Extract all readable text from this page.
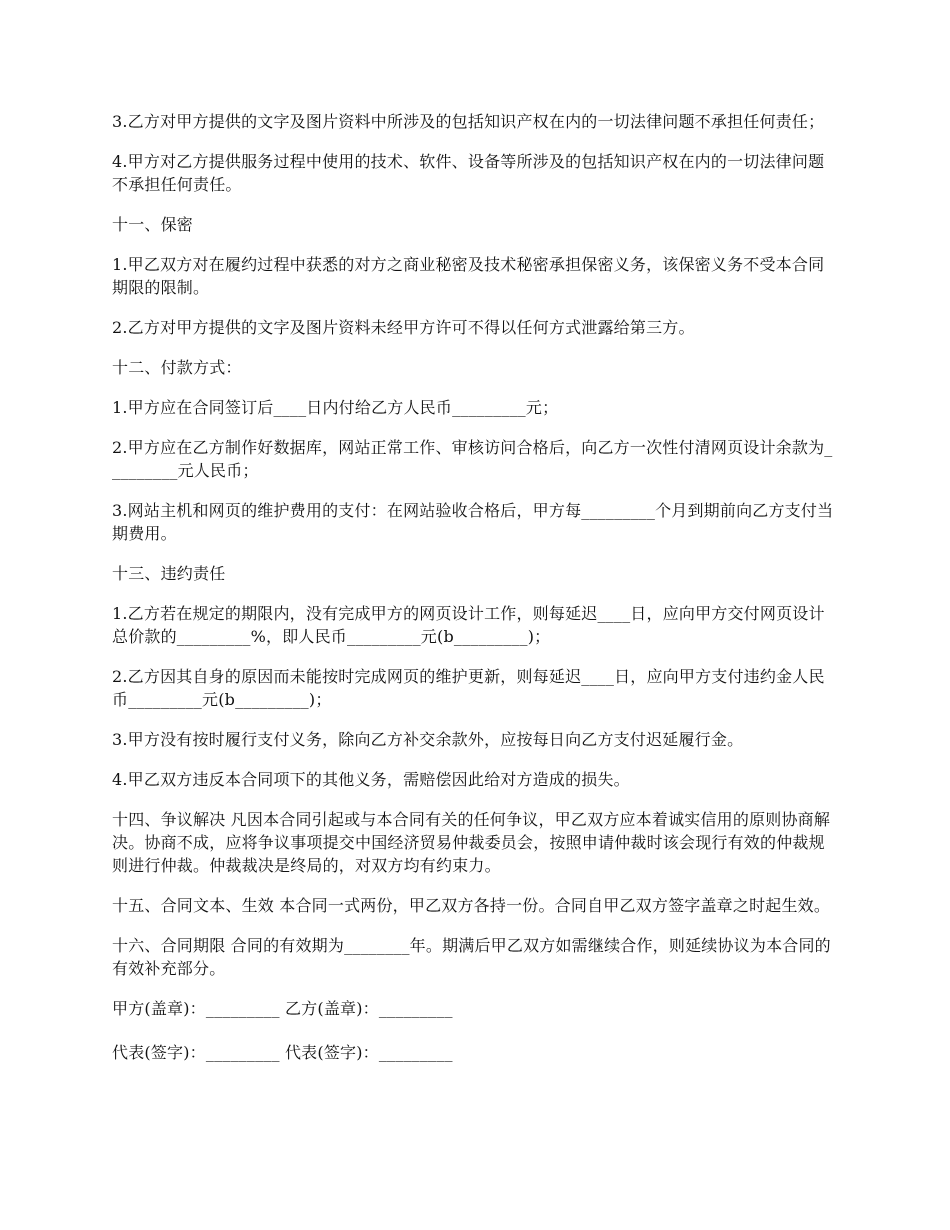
3.乙方对甲方提供的文字及图片资料中所涉及的包括知识产权在内的一切法律问题不承担任何责任；

4.甲方对乙方提供服务过程中使用的技术、软件、设备等所涉及的包括知识产权在内的一切法律问题不承担任何责任。

十一、保密

1.甲乙双方对在履约过程中获悉的对方之商业秘密及技术秘密承担保密义务，该保密义务不受本合同期限的限制。

2.乙方对甲方提供的文字及图片资料未经甲方许可不得以任何方式泄露给第三方。

十二、付款方式：

1.甲方应在合同签订后____日内付给乙方人民币_________元；

2.甲方应在乙方制作好数据库，网站正常工作、审核访问合格后，向乙方一次性付清网页设计余款为_________元人民币；

3.网站主机和网页的维护费用的支付：在网站验收合格后，甲方每_________个月到期前向乙方支付当期费用。

十三、违约责任

1.乙方若在规定的期限内，没有完成甲方的网页设计工作，则每延迟____日，应向甲方交付网页设计总价款的_________%，即人民币_________元(b_________)；

2.乙方因其自身的原因而未能按时完成网页的维护更新，则每延迟____日，应向甲方支付违约金人民币_________元(b_________)；

3.甲方没有按时履行支付义务，除向乙方补交余款外，应按每日向乙方支付迟延履行金。

4.甲乙双方违反本合同项下的其他义务，需赔偿因此给对方造成的损失。

十四、争议解决 凡因本合同引起或与本合同有关的任何争议，甲乙双方应本着诚实信用的原则协商解决。协商不成，应将争议事项提交中国经济贸易仲裁委员会，按照申请仲裁时该会现行有效的仲裁规则进行仲裁。仲裁裁决是终局的，对双方均有约束力。

十五、合同文本、生效 本合同一式两份，甲乙双方各持一份。合同自甲乙双方签字盖章之时起生效。

十六、合同期限 合同的有效期为________年。期满后甲乙双方如需继续合作，则延续协议为本合同的有效补充部分。

甲方(盖章)：_________ 乙方(盖章)：_________

代表(签字)：_________ 代表(签字)：_________
